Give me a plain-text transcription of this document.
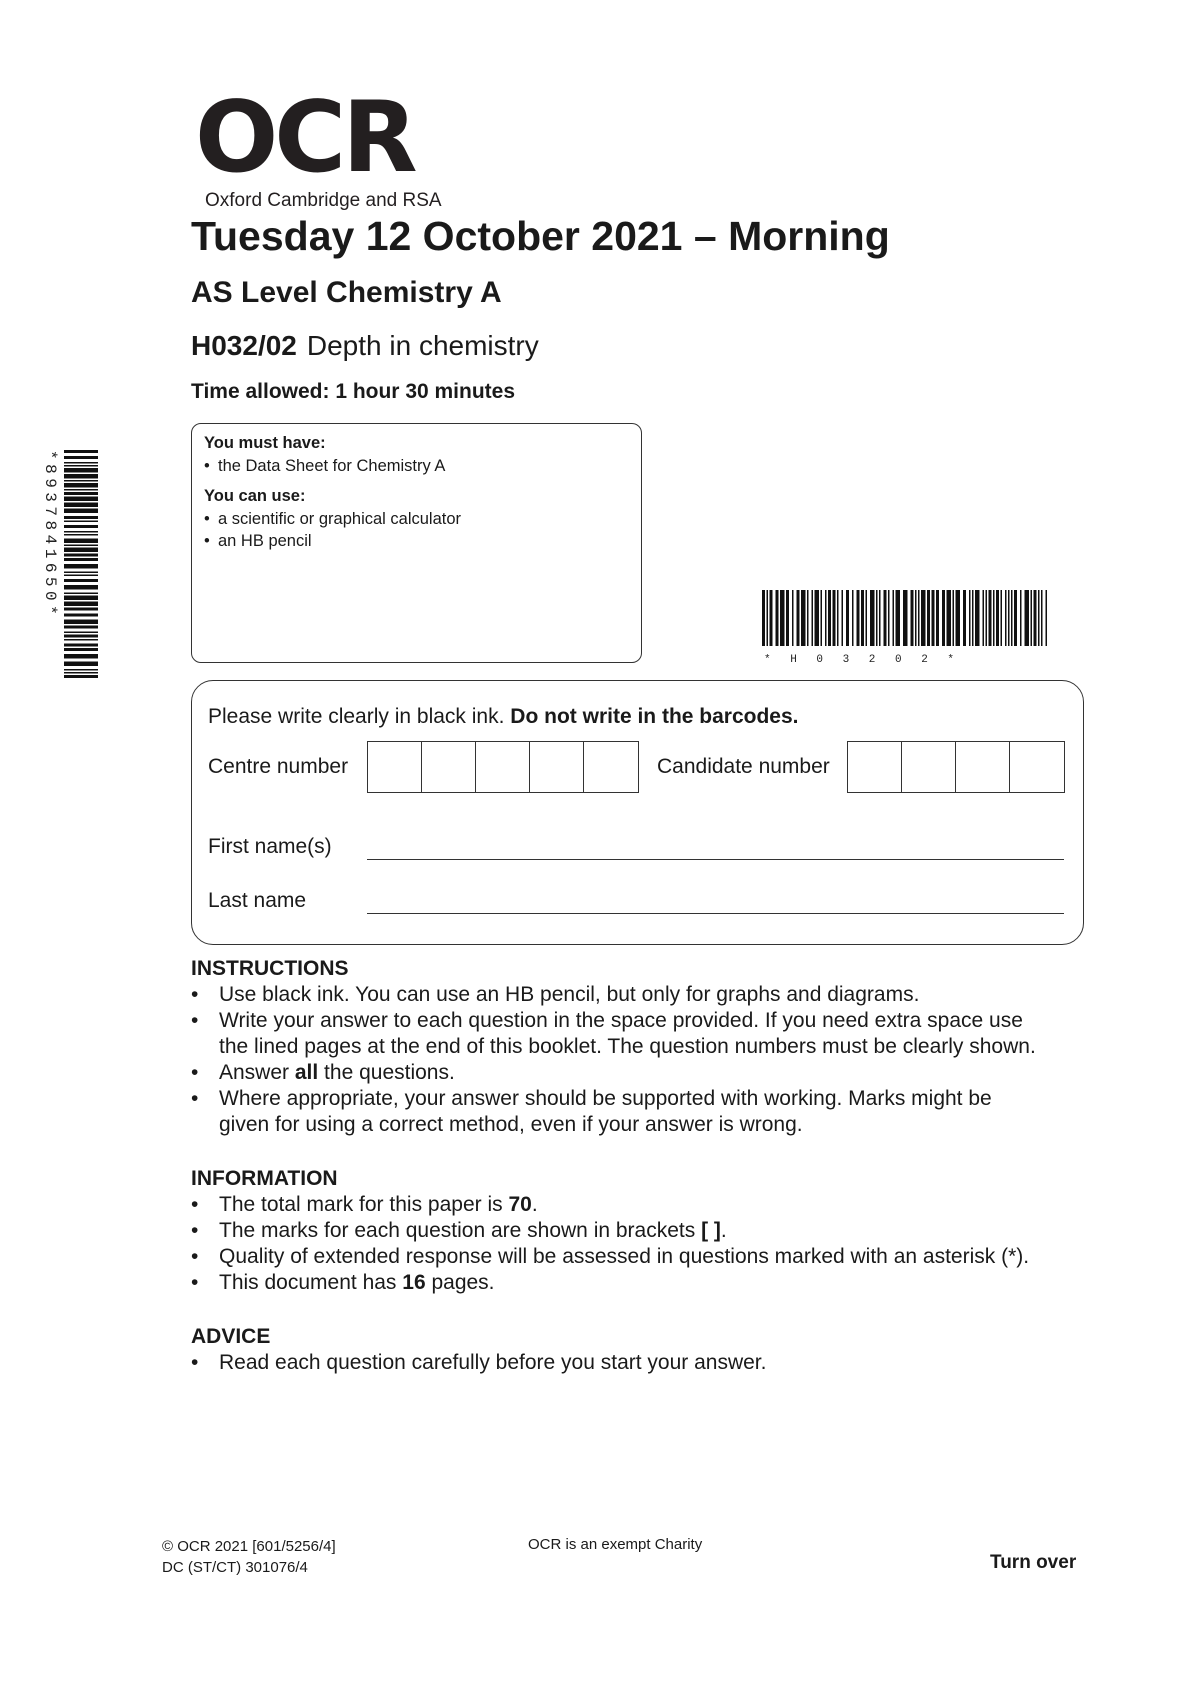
OCR
Oxford Cambridge and RSA
Tuesday 12 October 2021 – Morning
AS Level Chemistry A
H032/02 Depth in chemistry
Time allowed: 1 hour 30 minutes
You must have:
• the Data Sheet for Chemistry A
You can use:
• a scientific or graphical calculator
• an HB pencil
*8937841650*
* H 0 3 2 0 2 *
Please write clearly in black ink. Do not write in the barcodes.
Centre number	Candidate number
First name(s)
Last name
INSTRUCTIONS
• Use black ink. You can use an HB pencil, but only for graphs and diagrams.
• Write your answer to each question in the space provided. If you need extra space use
the lined pages at the end of this booklet. The question numbers must be clearly shown.
• Answer all the questions.
• Where appropriate, your answer should be supported with working. Marks might be
given for using a correct method, even if your answer is wrong.
INFORMATION
• The total mark for this paper is 70.
• The marks for each question are shown in brackets [ ].
• Quality of extended response will be assessed in questions marked with an asterisk (*).
• This document has 16 pages.
ADVICE
• Read each question carefully before you start your answer.
© OCR 2021 [601/5256/4]
DC (ST/CT) 301076/4
OCR is an exempt Charity
Turn over
